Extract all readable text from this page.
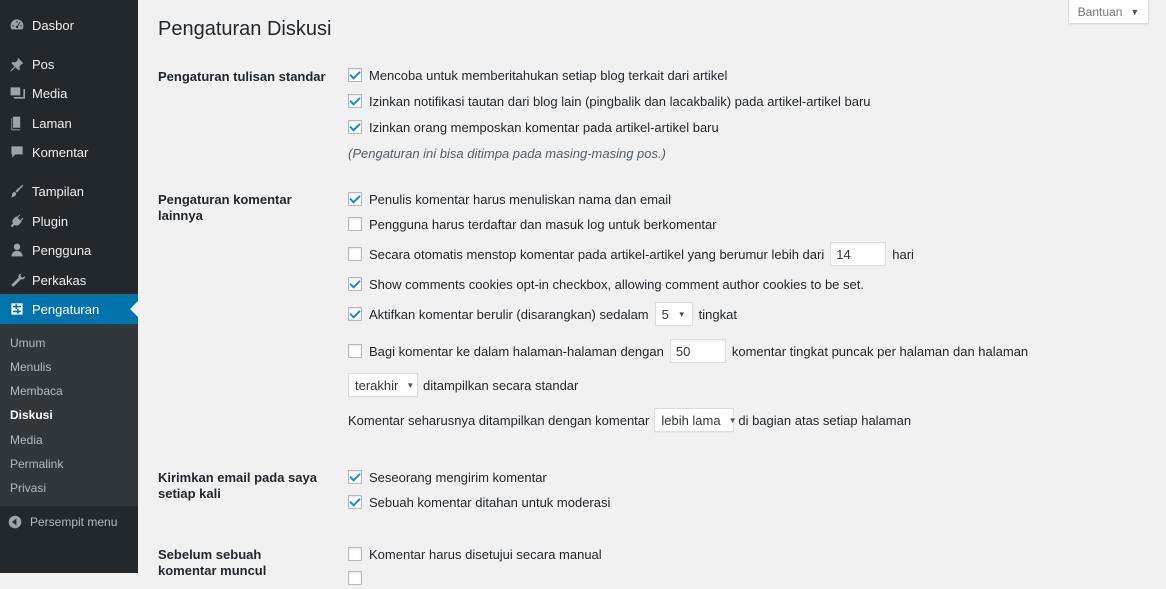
Dasbor
Pos
Media
Laman
Komentar
Tampilan
Plugin
Pengguna
Perkakas
Pengaturan
Umum
Menulis
Membaca
Diskusi
Media
Permalink
Privasi
Persempit menu
Bantuan ▼
Pengaturan Diskusi
Pengaturan tulisan standar	Mencoba untuk memberitahukan setiap blog terkait dari artikel
Izinkan notifikasi tautan dari blog lain (pingbalik dan lacakbalik) pada artikel-artikel baru
Izinkan orang memposkan komentar pada artikel-artikel baru
(Pengaturan ini bisa ditimpa pada masing-masing pos.)
Pengaturan komentar lainnya
Penulis komentar harus menuliskan nama dan email
Pengguna harus terdaftar dan masuk log untuk berkomentar
Secara otomatis menstop komentar pada artikel-artikel yang berumur lebih dari
14	hari
Show comments cookies opt-in checkbox, allowing comment author cookies to be set.
Aktifkan komentar berulir (disarangkan) sedalam 5 ▼ tingkat
Bagi komentar ke dalam halaman-halaman dengan
50	komentar tingkat puncak per halaman dan halaman
terakhir ▼ ditampilkan secara standar
Komentar seharusnya ditampilkan dengan komentar lebih lama ▼ di bagian atas setiap halaman
Kirimkan email pada saya setiap kali
Seseorang mengirim komentar
Sebuah komentar ditahan untuk moderasi
Sebelum sebuah komentar muncul
Komentar harus disetujui secara manual
